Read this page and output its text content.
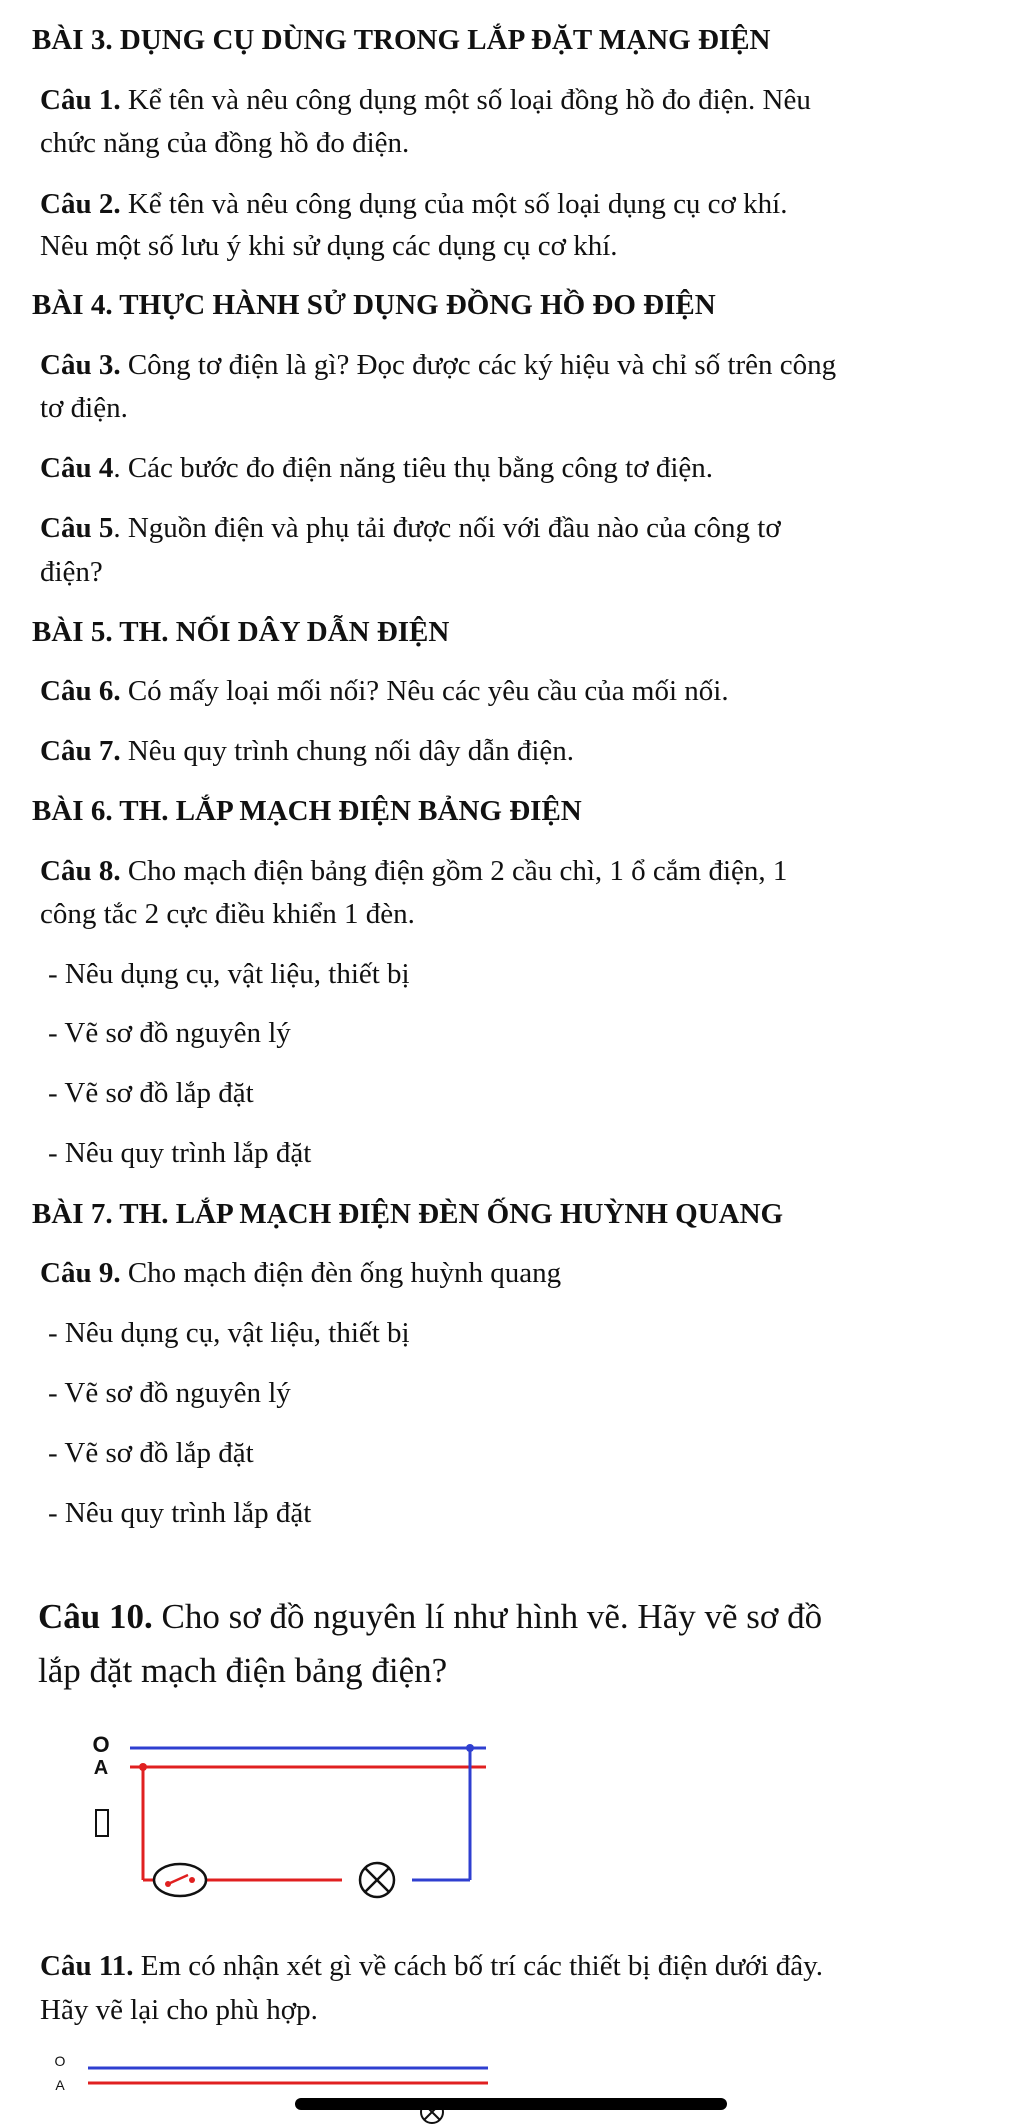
BÀI 3. DỤNG CỤ DÙNG TRONG LẮP ĐẶT MẠNG ĐIỆN

Câu 1. Kể tên và nêu công dụng một số loại đồng hồ đo điện. Nêu

chức năng của đồng hồ đo điện.

Câu 2. Kể tên và nêu công dụng của một số loại dụng cụ cơ khí.

Nêu một số lưu ý khi sử dụng các dụng cụ cơ khí.

BÀI 4. THỰC HÀNH SỬ DỤNG ĐỒNG HỒ ĐO ĐIỆN

Câu 3. Công tơ điện là gì? Đọc được các ký hiệu và chỉ số trên công

tơ điện.

Câu 4. Các bước đo điện năng tiêu thụ bằng công tơ điện.

Câu 5. Nguồn điện và phụ tải được nối với đầu nào của công tơ

điện?

BÀI 5. TH. NỐI DÂY DẪN ĐIỆN

Câu 6. Có mấy loại mối nối? Nêu các yêu cầu của mối nối.

Câu 7. Nêu quy trình chung nối dây dẫn điện.

BÀI 6. TH. LẮP MẠCH ĐIỆN BẢNG ĐIỆN

Câu 8. Cho mạch điện bảng điện gồm 2 cầu chì, 1 ổ cắm điện, 1

công tắc 2 cực điều khiển 1 đèn.

- Nêu dụng cụ, vật liệu, thiết bị

- Vẽ sơ đồ nguyên lý

- Vẽ sơ đồ lắp đặt

- Nêu quy trình lắp đặt

BÀI 7. TH. LẮP MẠCH ĐIỆN ĐÈN ỐNG HUỲNH QUANG

Câu 9. Cho mạch điện đèn ống huỳnh quang

- Nêu dụng cụ, vật liệu, thiết bị

- Vẽ sơ đồ nguyên lý

- Vẽ sơ đồ lắp đặt

- Nêu quy trình lắp đặt

Câu 10. Cho sơ đồ nguyên lí như hình vẽ. Hãy vẽ sơ đồ

lắp đặt mạch điện bảng điện?

O
A

Câu 11. Em có nhận xét gì về cách bố trí các thiết bị điện dưới đây.

Hãy vẽ lại cho phù hợp.

O
A
